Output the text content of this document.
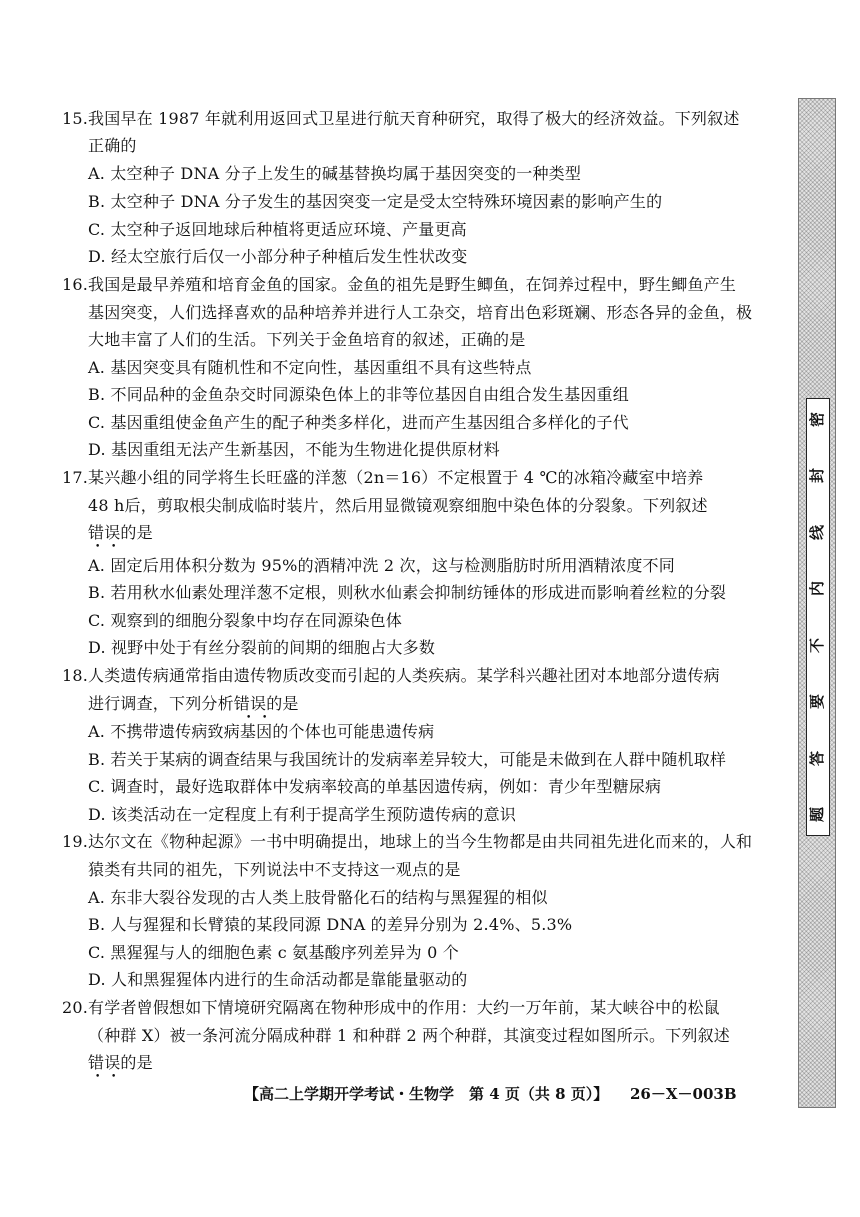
15.我国早在 1987 年就利用返回式卫星进行航天育种研究，取得了极大的经济效益。下列叙述
正确的
A. 太空种子 DNA 分子上发生的碱基替换均属于基因突变的一种类型
B. 太空种子 DNA 分子发生的基因突变一定是受太空特殊环境因素的影响产生的
C. 太空种子返回地球后种植将更适应环境、产量更高
D. 经太空旅行后仅一小部分种子种植后发生性状改变
16.我国是最早养殖和培育金鱼的国家。金鱼的祖先是野生鲫鱼，在饲养过程中，野生鲫鱼产生
基因突变，人们选择喜欢的品种培养并进行人工杂交，培育出色彩斑斓、形态各异的金鱼，极
大地丰富了人们的生活。下列关于金鱼培育的叙述，正确的是
A. 基因突变具有随机性和不定向性，基因重组不具有这些特点
B. 不同品种的金鱼杂交时同源染色体上的非等位基因自由组合发生基因重组
C. 基因重组使金鱼产生的配子种类多样化，进而产生基因组合多样化的子代
D. 基因重组无法产生新基因，不能为生物进化提供原材料
17.某兴趣小组的同学将生长旺盛的洋葱（2n＝16）不定根置于 4 ℃的冰箱冷藏室中培养
48 h后，剪取根尖制成临时装片，然后用显微镜观察细胞中染色体的分裂象。下列叙述
错误的是
• •
A. 固定后用体积分数为 95%的酒精冲洗 2 次，这与检测脂肪时所用酒精浓度不同
B. 若用秋水仙素处理洋葱不定根，则秋水仙素会抑制纺锤体的形成进而影响着丝粒的分裂
C. 观察到的细胞分裂象中均存在同源染色体
D. 视野中处于有丝分裂前的间期的细胞占大多数
18.人类遗传病通常指由遗传物质改变而引起的人类疾病。某学科兴趣社团对本地部分遗传病
进行调查，下列分析错误的是
• •
A. 不携带遗传病致病基因的个体也可能患遗传病
B. 若关于某病的调查结果与我国统计的发病率差异较大，可能是未做到在人群中随机取样
C. 调查时，最好选取群体中发病率较高的单基因遗传病，例如：青少年型糖尿病
D. 该类活动在一定程度上有利于提高学生预防遗传病的意识
19.达尔文在《物种起源》一书中明确提出，地球上的当今生物都是由共同祖先进化而来的，人和
猿类有共同的祖先，下列说法中不支持这一观点的是
A. 东非大裂谷发现的古人类上肢骨骼化石的结构与黑猩猩的相似
B. 人与猩猩和长臂猿的某段同源 DNA 的差异分别为 2.4%、5.3%
C. 黑猩猩与人的细胞色素 c 氨基酸序列差异为 0 个
D. 人和黑猩猩体内进行的生命活动都是靠能量驱动的
20.有学者曾假想如下情境研究隔离在物种形成中的作用：大约一万年前，某大峡谷中的松鼠
（种群 X）被一条河流分隔成种群 1 和种群 2 两个种群，其演变过程如图所示。下列叙述
错误的是
• •
【高二上学期开学考试・生物学　第 4 页（共 8 页）】	26－X－003B
密
封
线
内
不
要
答
题
